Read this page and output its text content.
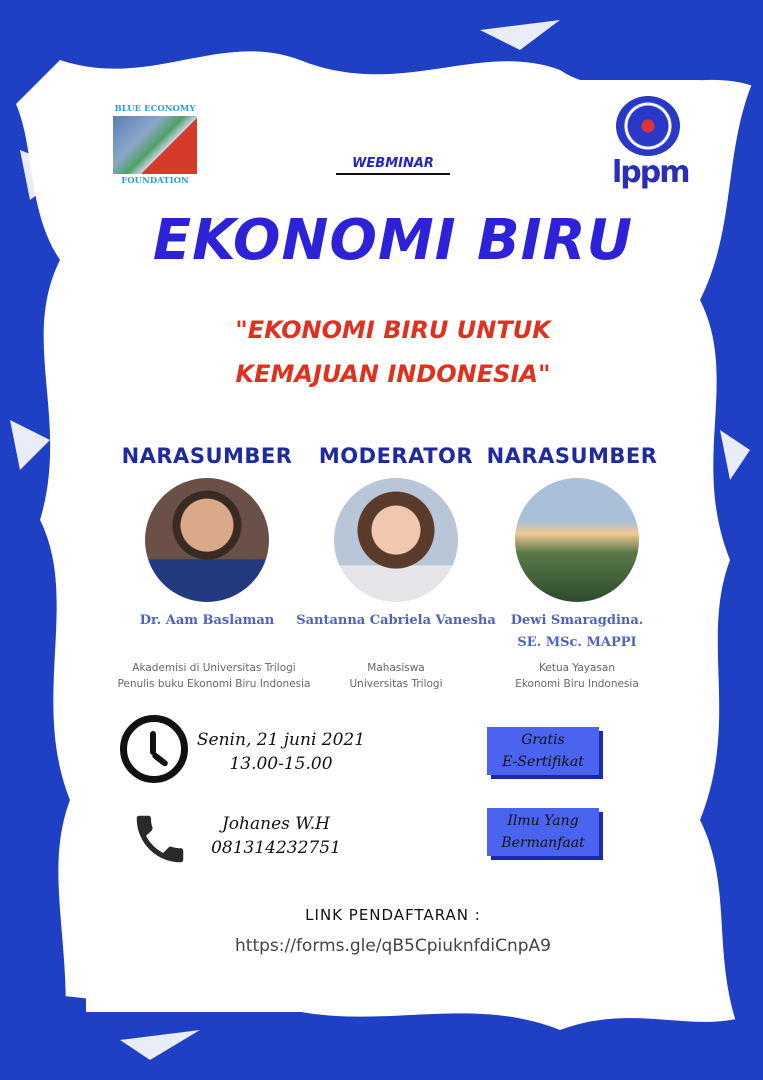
BLUE ECONOMY
FOUNDATION	lppm
WEBMINAR
EKONOMI BIRU
"EKONOMI BIRU UNTUK
KEMAJUAN INDONESIA"
NARASUMBER	MODERATOR NARASUMBER
Dr. Aam Baslaman	Santanna Cabriela Vanesha	Dewi Smaragdina.
SE. MSc. MAPPI
Akademisi di Universitas Trilogi
Penulis buku Ekonomi Biru Indonesia
Mahasiswa
Universitas Trilogi
Ketua Yayasan
Ekonomi Biru Indonesia
Senin, 21 juni 2021
13.00-15.00
Johanes W.H
081314232751
Gratis
E-Sertifikat
Ilmu Yang
Bermanfaat
LINK PENDAFTARAN :
https://forms.gle/qB5CpiuknfdiCnpA9
